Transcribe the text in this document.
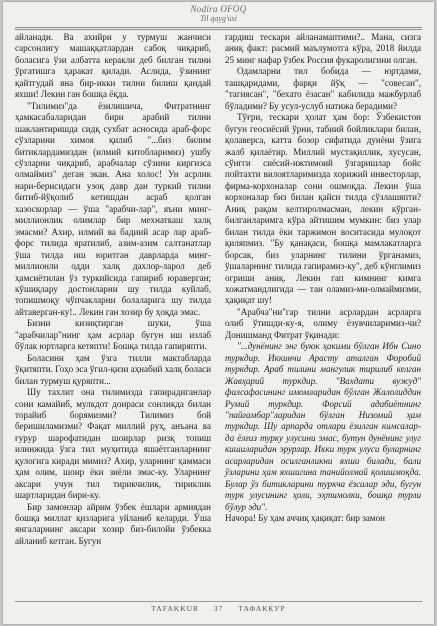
Nodira OFOQ
Til qayg'usi

айланади. Ва ахийри у турмуш жанчиси сарсонлигу машаққатлардан сабоқ чиқариб, боласига ўзи албатта керакли деб билган тилни ўргатишга ҳаракат қилади. Аслида, ўзининг қайтгудай яна бир-икки тилни билиш қандай яхши! Лекин ган бошқа ёқда.

"Тилимиз"да ёзилишича, Фитратнинг ҳамкасабаларидан бири арабий тилни шаклантиришда сидқ сухбат асносида араб-форс сўзларини химоя қилиб "...биз билим битиклардамиздан (илмий китобларимиз) ушбу сўзларни чиқариб, арабчалар сўзини киргизса олмаймиз" деган экан. Ана холос! Ун асрлик нари-берисидаги узоқ давр дан туркий тилни битиб-йўқолиб кетишдан асраб қолган хазоскорлар — ўша "арабчи-лар", яъни минг-миллионлик олимлар бир мехнаткаш халқ эмасми? Ахир, илмий ва бадиий асар лар араб-форс тилида яратилиб, азим-азим салтанатлар ўша тилда иш юритган даврларда минг-миллионли одди халқ дахлор-ларол деб ҳамсиётилан ўз туркийсида гапириб юраверган; кўшиқлару достонларни шу тилда куйлаб, топишмоқу чўпчакларни болаларига шу тилда айтаверган-ку!.. Лекин ган хозир бу ҳоқда эмас.

Бизни кизиқтирган шуки, ўша "арабчилар"нинг ҳам асрлар бугун иш излаб бўлак юртларга кетяпти! Бошқа тилда гапиряпти.

Боласини ҳам ўзга тилли мактабларда ўқитяпти. Гоҳо эса ўгил-қизи аҳнабий халқ боласи билан турмуш қуряпти...

Шу тахлит она тилимизда гапирадиганлар сони камайиб, мулкдот доираси сонликда билан торайиб борямизми? Тилимиз бой беришиламизми? Фақат миллий руҳ, анъана ва ғурур шарофатидан шоирлар ризқ топиш илинжида ўзга тил муҳитида яшаётганларнинг қулогига киради мимиз? Ахир, уларнинг ҳаммаси ҳам олим, шоир ёки зиёли эмас-ку. Уларнинг аксари учун тил тирикчилик, тириклик шартларидан бири-ку.

Бир замонлар айрим ўзбек ёшлари армиядан бошқа миллат қизларига уйланиб келарди. Ўша янгаларнинг аксари хозир биз-билойи ўзбекка айланиб кетган. Бугун

гардиш тескари айланамаптими?.. Мана, сизга аниқ факт: расмий маълумотга кўра, 2018 йилда 25 минг нафар ўзбек Россия фукаролигини олган.

Одамларни тил бобида — юртдами, ташқаридами, фарқи йўқ — "совесан", "тагиясан", "бехато ёзасан" кабилида мажбурлаб бўладими? Бу усул-услуб натижа берадими?

Тўғри, тескари ҳолат ҳам бор: Ўзбекистон бугун геосиёсий ўрни, табиий бойликлари билан, қолаверса, катта бозор сифатида дунёни ўзига жалб қилаётир. Миллий мустақиллик, хусусан, сўнгги сиёсий-ижтимоий ўзгаришлар бойс пойтахти вилоятларимизда хорижий инвесторлар, фирма-корхоналар сони ошмоқда. Лекин ўша корхоналар биз билан қайси тилда сўзлашяпти? Аниқ рақам келтиролмасман, лекин кўрган-билганларимга кўра айтишим мумкин: биз улар билан тилда ёки таржимон воситасида мулоқот қиляпмиз. "Бу қанақаси, бошқа мамлакатларга борсак, биз уларнинг тилини ўрганамиз, ўшаларнинг тилида гапирамиз-ку", деб кўнглимиз огриши аниқ. Лекин гап кимнинг кимга хожатмандлигида — тан оламиз-ми-олмаймизми, ҳақиқат шу!

"Арабча"ни"гар тилни асрлардан асрларга олиб ўтишди-ку-я, олиму ёзувчиларимиз-чи? Донишманд Фитрат ўқинади:

"...дунёнинг энг буюк ҳакими бўлган Ибн Сино туркдир. Иккинчи Арасту аталган Форобий туркдир. Араб тилини мангулик тирилиб келган Жавҳарий туркдир. "Вахдати вужуд" фалсафасининг имомларидан бўлган Жалолиддин Румий туркдир. Форсий адабиётнинг "пайғамбар"ларидан бўлган Низомий ҳам туркдир. Шу арпарда отлари ёзилган кимсалар-да ёлғиз турку улусини эмас, бутун дунёнинг улуг кишиларидан эрурлар. Икки турк улуси буларнинг асарларидан осилганликни яхши билади, бали ўзларини ҳам яхшигина танийолмай қолишмоқда. Булар ўз битикларини туркча ёзсалар эди, бугун турк улусининг ҳоли, эҳтимолки, бошқа турли бўлур эди".

Начора! Бу ҳам аччиқ ҳақиқат: бир замон

TAFAKKUR 37 ТАФАККУР
